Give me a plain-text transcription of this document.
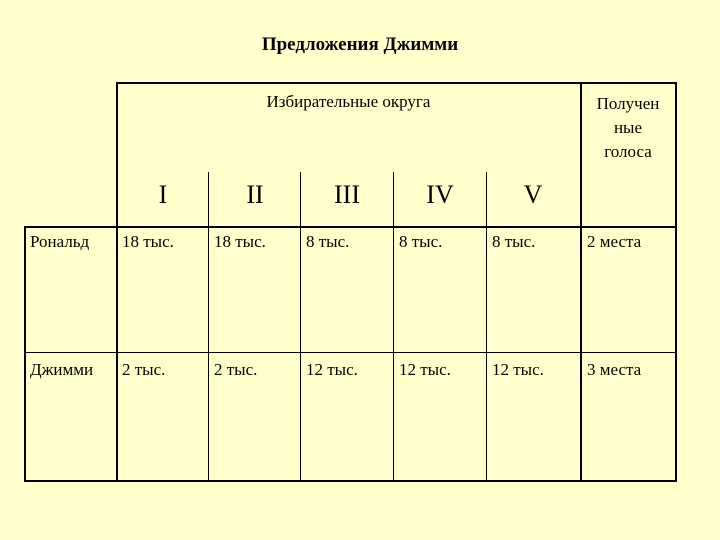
Предложения Джимми
Избирательные округа	Получен
ные
голоса
I	II	III	IV	V
Рональд 18 тыс. 18 тыс. 8 тыс.	8 тыс.	8 тыс.	2 места
Джимми 2 тыс.	2 тыс.	12 тыс. 12 тыс. 12 тыс.	3 места
